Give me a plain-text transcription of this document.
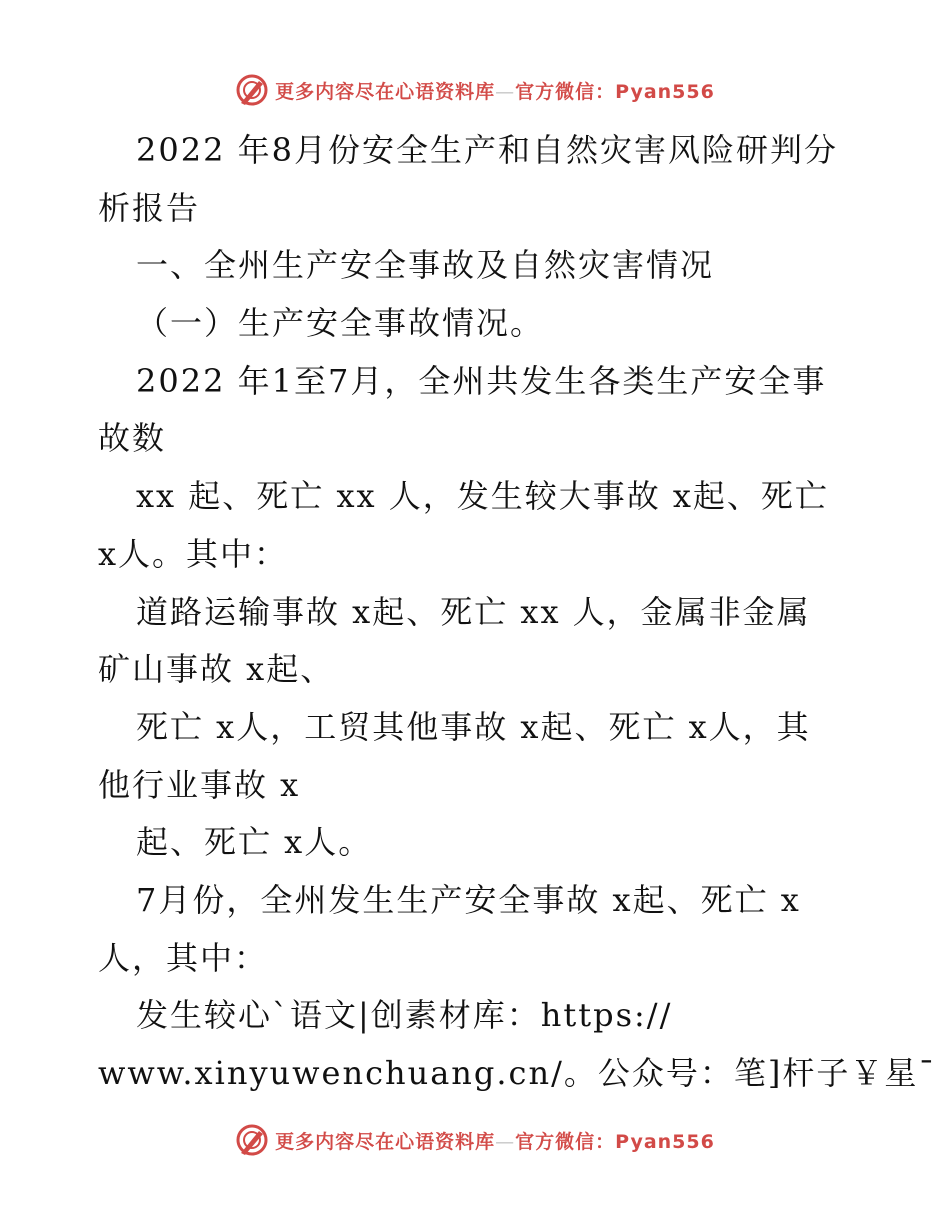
更多内容尽在心语资料库—官方微信：Pyan556
2022 年8月份安全生产和自然灾害风险研判分
析报告
一、全州生产安全事故及自然灾害情况
（一）生产安全事故情况。
2022 年1至7月，全州共发生各类生产安全事
故数
xx 起、死亡 xx 人，发生较大事故 x起、死亡
x人。其中：
道路运输事故 x起、死亡 xx 人，金属非金属
矿山事故 x起、
死亡 x人，工贸其他事故 x起、死亡 x人，其
他行业事故 x
起、死亡 x人。
7月份，全州发生生产安全事故 x起、死亡 x
人，其中：
发生较心`语文|创素材库：https://
www.xinyuwenchuang.cn/。公众号：笔]杆子￥星¯
更多内容尽在心语资料库—官方微信：Pyan556
